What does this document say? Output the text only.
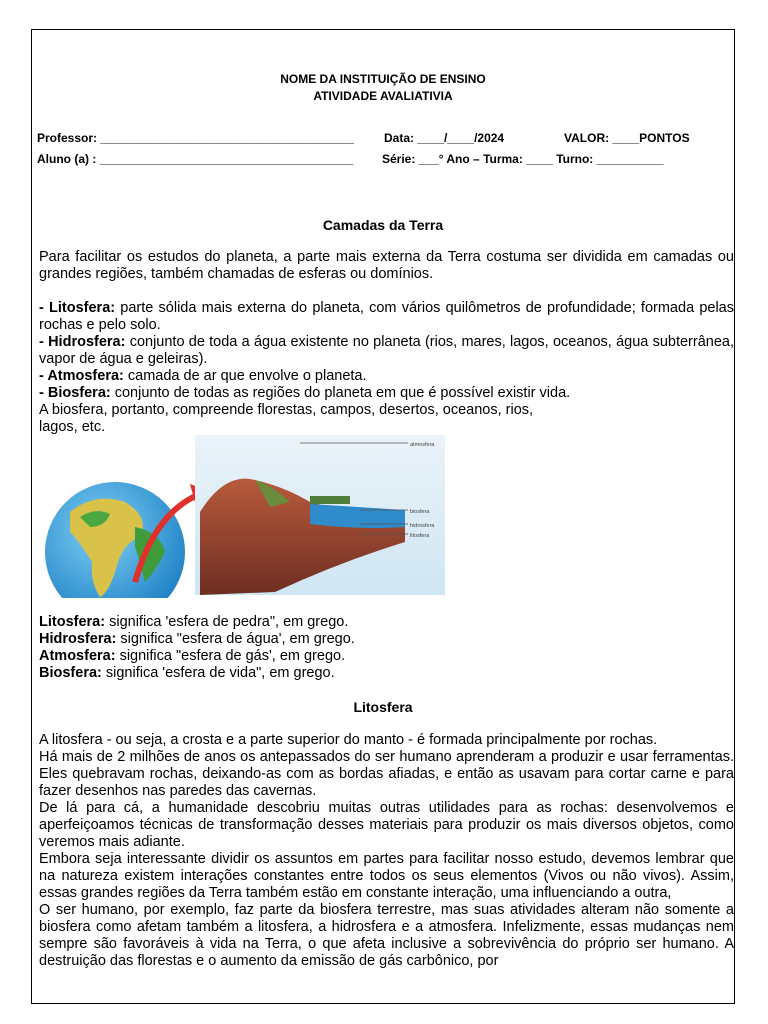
NOME DA INSTITUIÇÃO DE ENSINO
ATIVIDADE AVALIATIVIA
Professor: ______________________________________	Data: ____/____/2024	VALOR: ____PONTOS
Aluno (a) : ______________________________________ Série: ___° Ano – Turma: ____ Turno: __________
Camadas da Terra

Para facilitar os estudos do planeta, a parte mais externa da Terra costuma ser dividida em camadas ou grandes regiões, também chamadas de esferas ou domínios.

- Litosfera: parte sólida mais externa do planeta, com vários quilômetros de profundidade; formada pelas rochas e pelo solo.

- Hidrosfera: conjunto de toda a água existente no planeta (rios, mares, lagos, oceanos, água subterrânea, vapor de água e geleiras).

- Atmosfera: camada de ar que envolve o planeta.

- Biosfera: conjunto de todas as regiões do planeta em que é possível existir vida.

A biosfera, portanto, compreende florestas, campos, desertos, oceanos, rios, lagos, etc.

atmosfera
biosfera
hidrosfera
litosfera

Litosfera: significa 'esfera de pedra", em grego.

Hidrosfera: significa "esfera de água', em grego.

Atmosfera: significa "esfera de gás', em grego.

Biosfera: significa 'esfera de vida", em grego.

Litosfera

A litosfera - ou seja, a crosta e a parte superior do manto - é formada principalmente por rochas.

Há mais de 2 milhões de anos os antepassados do ser humano aprenderam a produzir e usar ferramentas. Eles quebravam rochas, deixando-as com as bordas afiadas, e então as usavam para cortar carne e para fazer desenhos nas paredes das cavernas.

De lá para cá, a humanidade descobriu muitas outras utilidades para as rochas: desenvolvemos e aperfeiçoamos técnicas de transformação desses materiais para produzir os mais diversos objetos, como veremos mais adiante.

Embora seja interessante dividir os assuntos em partes para facilitar nosso estudo, devemos lembrar que na natureza existem interações constantes entre todos os seus elementos (Vivos ou não vivos). Assim, essas grandes regiões da Terra também estão em constante interação, uma influenciando a outra,

O ser humano, por exemplo, faz parte da biosfera terrestre, mas suas atividades alteram não somente a biosfera como afetam também a litosfera, a hidrosfera e a atmosfera. Infelizmente, essas mudanças nem sempre são favoráveis à vida na Terra, o que afeta inclusive a sobrevivência do próprio ser humano. A destruição das florestas e o aumento da emissão de gás carbônico, por
